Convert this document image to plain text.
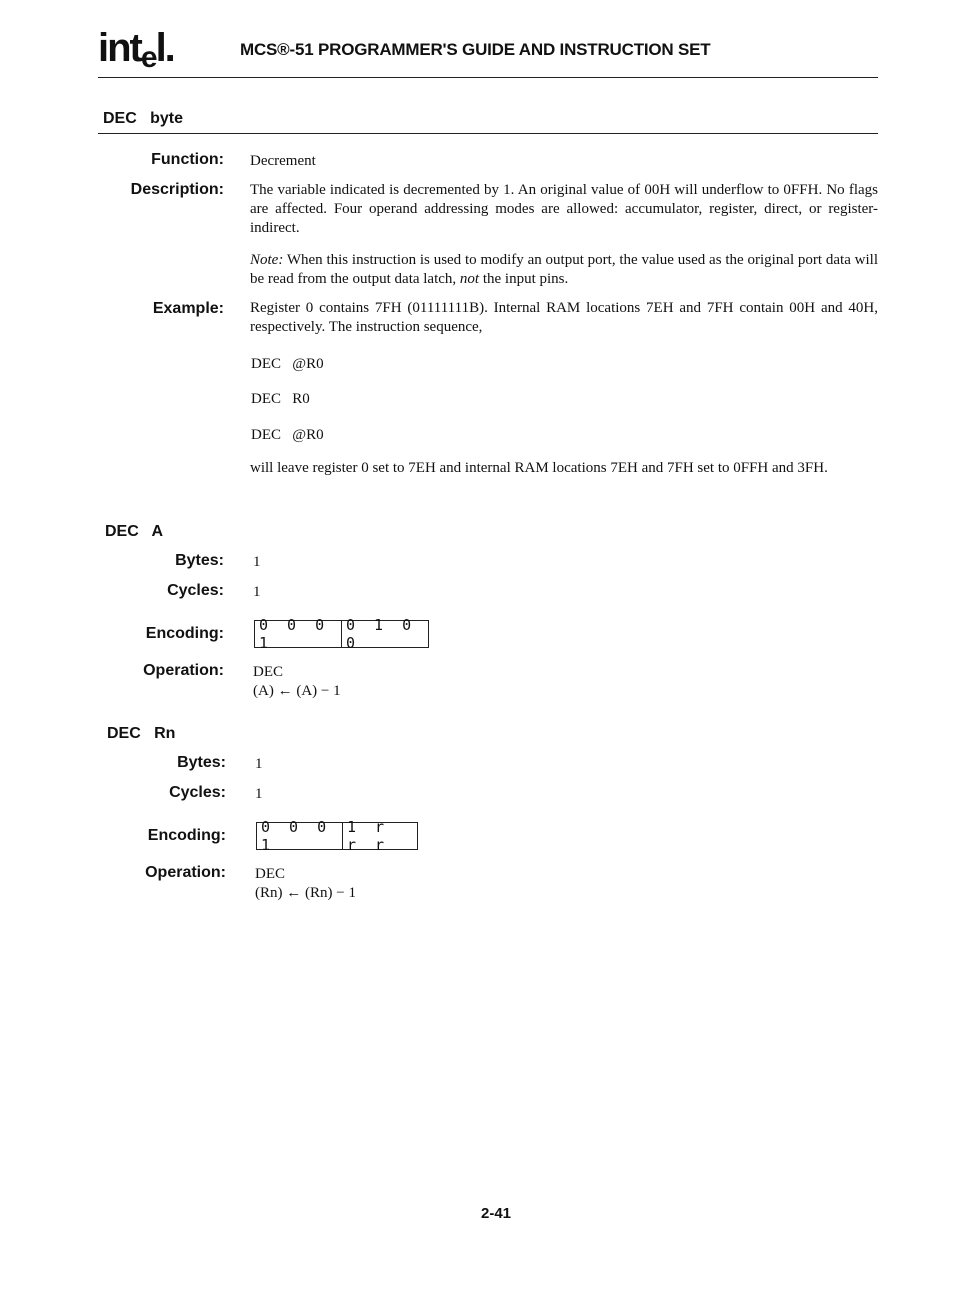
intel.	MCS®-51 PROGRAMMER'S GUIDE AND INSTRUCTION SET
DEC   byte
Function: Decrement
Description: The variable indicated is decremented by 1. An original value of 00H will underflow to 0FFH. No flags are affected. Four operand addressing modes are allowed: accumulator, register, direct, or register-indirect.
Note: When this instruction is used to modify an output port, the value used as the original port data will be read from the output data latch, not the input pins.
Example: Register 0 contains 7FH (01111111B). Internal RAM locations 7EH and 7FH contain 00H and 40H, respectively. The instruction sequence,
DEC   @R0
DEC   R0
DEC   @R0
will leave register 0 set to 7EH and internal RAM locations 7EH and 7FH set to 0FFH and 3FH.
DEC   A
Bytes: 1
Cycles: 1
Encoding: 0 0 0 1
0 1 0 0
Operation: DEC
(A) ← (A) − 1
DEC   Rn
Bytes: 1
Cycles: 1
Encoding: 0 0 0 1
1 r r r
Operation: DEC
(Rn) ← (Rn) − 1
2-41
